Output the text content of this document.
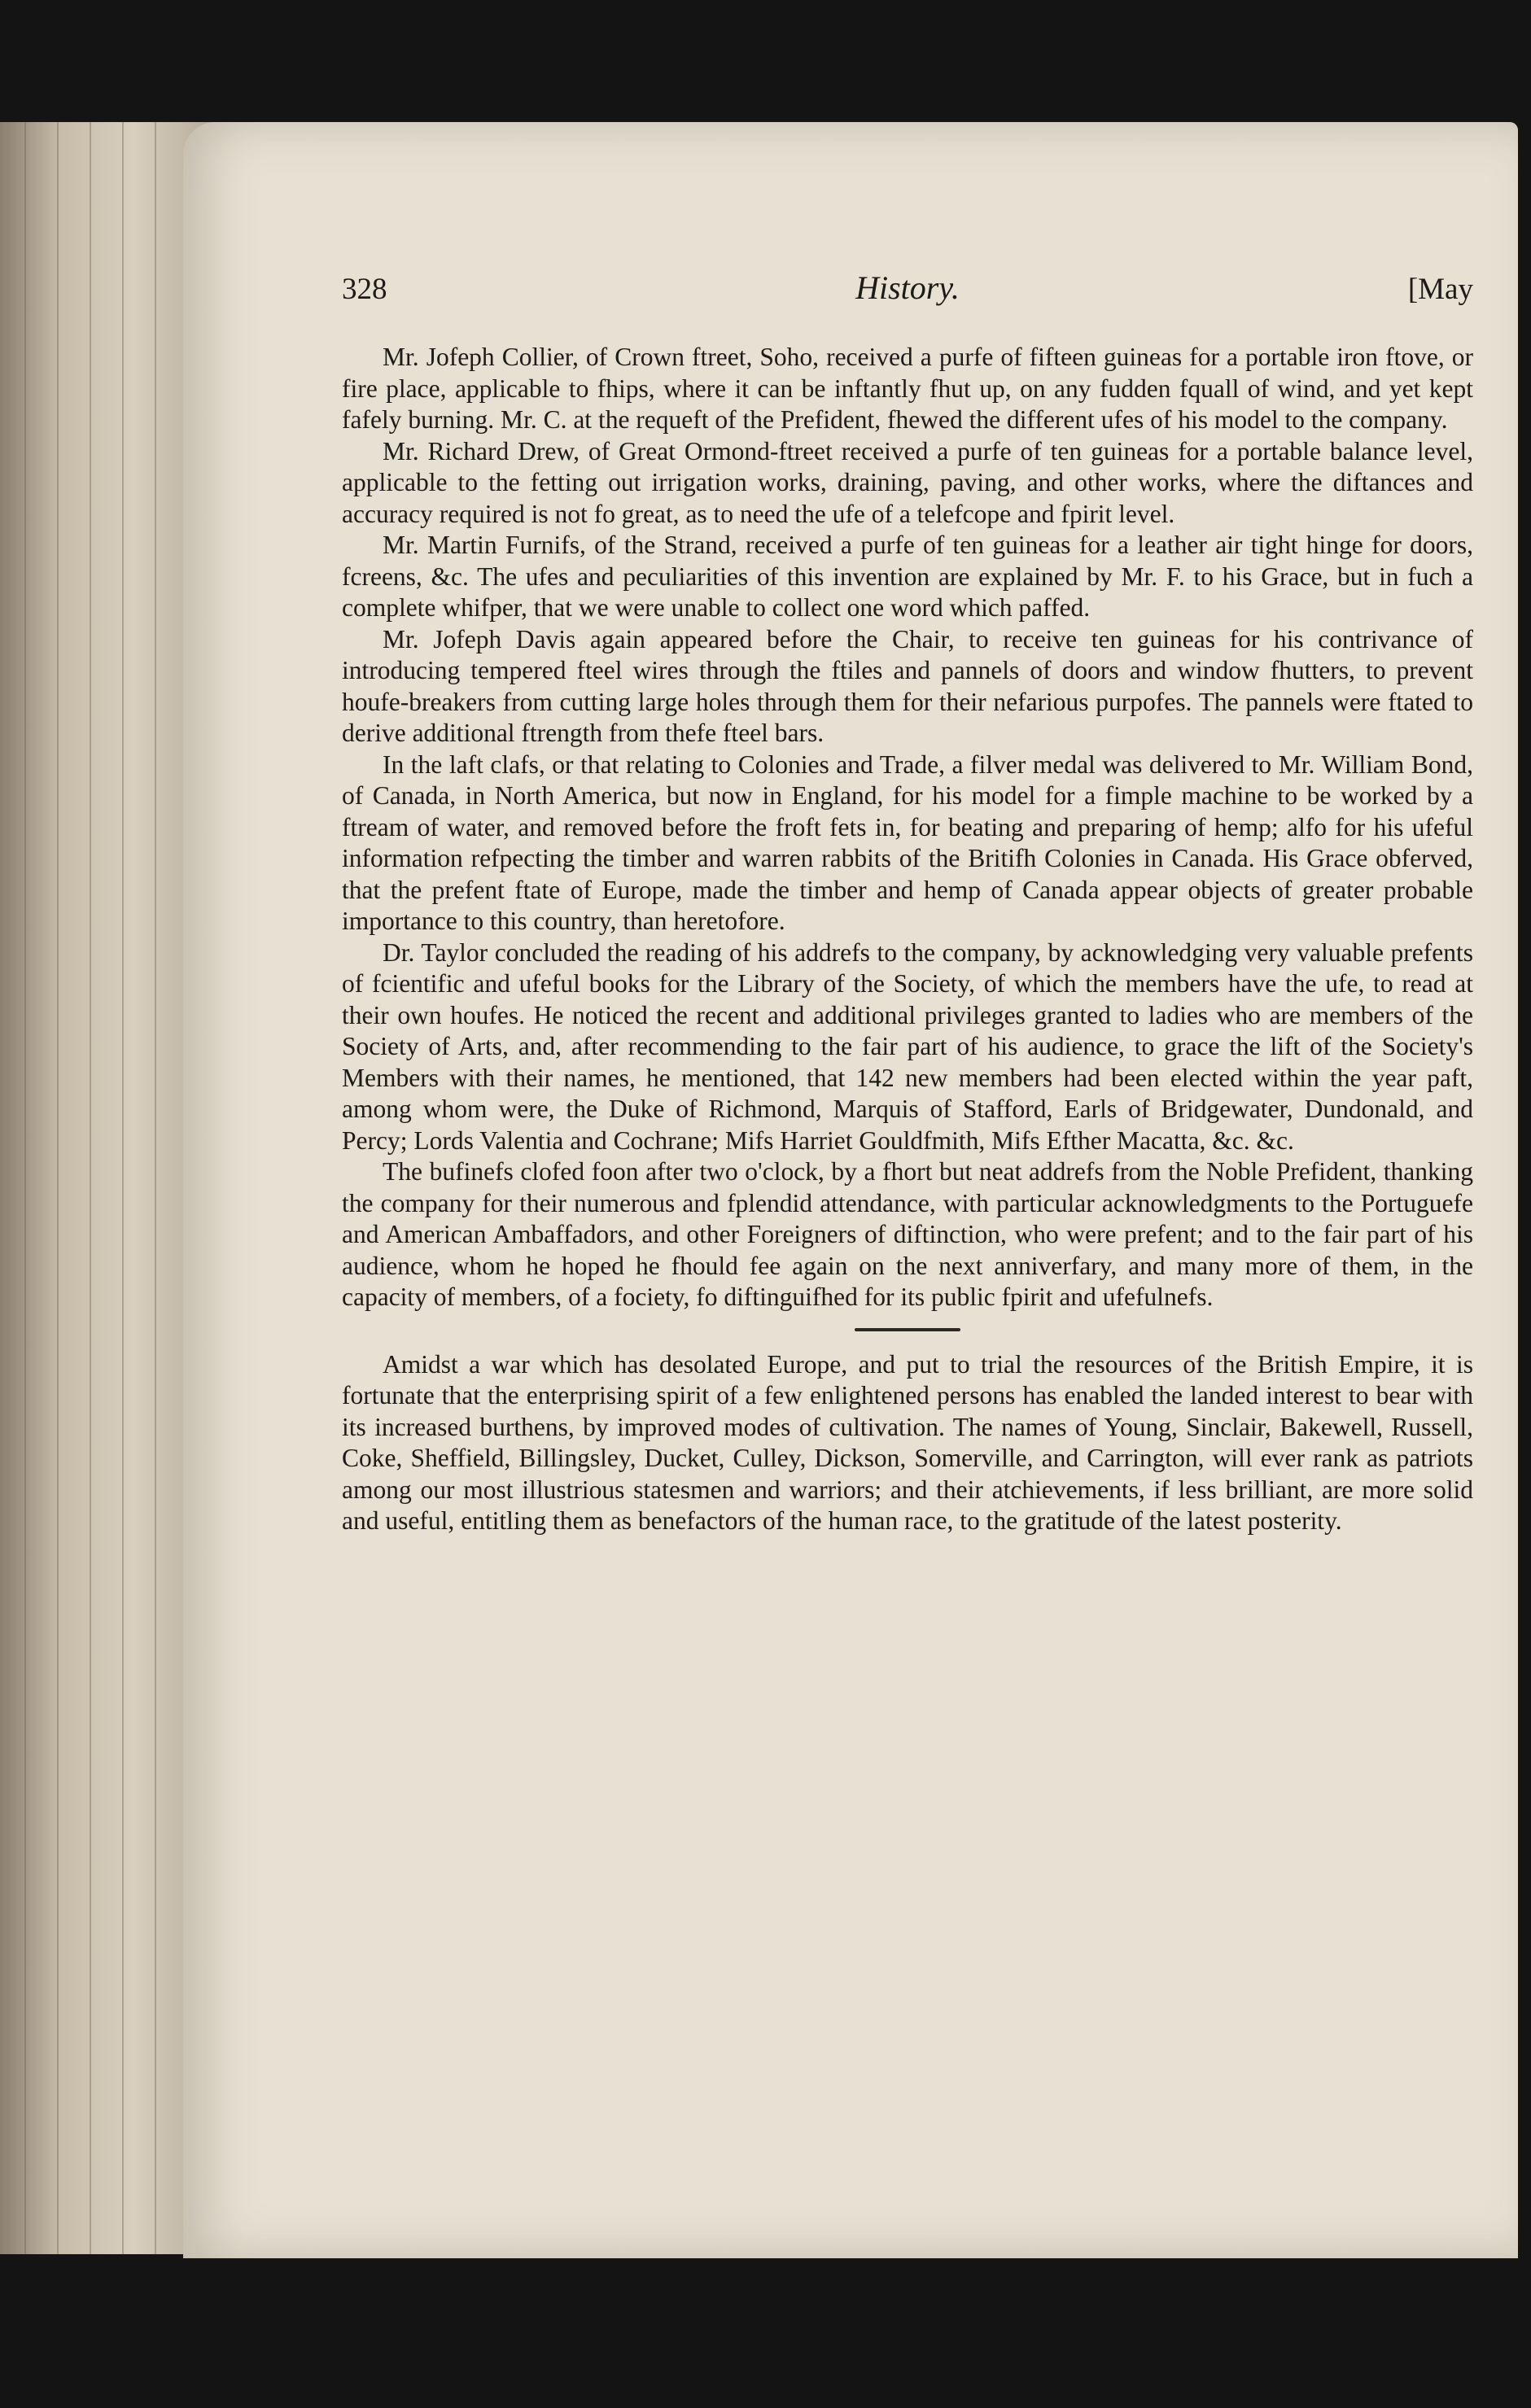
328	History.	[May

Mr. Jofeph Collier, of Crown ftreet, Soho, received a purfe of fifteen guineas for a portable iron ftove, or fire place, applicable to fhips, where it can be inftantly fhut up, on any fudden fquall of wind, and yet kept fafely burning. Mr. C. at the requeft of the Prefident, fhewed the different ufes of his model to the company.

Mr. Richard Drew, of Great Ormond-ftreet received a purfe of ten guineas for a portable balance level, applicable to the fetting out irrigation works, draining, paving, and other works, where the diftances and accuracy required is not fo great, as to need the ufe of a telefcope and fpirit level.

Mr. Martin Furnifs, of the Strand, received a purfe of ten guineas for a leather air tight hinge for doors, fcreens, &c. The ufes and peculiarities of this invention are explained by Mr. F. to his Grace, but in fuch a complete whifper, that we were unable to collect one word which paffed.

Mr. Jofeph Davis again appeared before the Chair, to receive ten guineas for his contrivance of introducing tempered fteel wires through the ftiles and pannels of doors and window fhutters, to prevent houfe-breakers from cutting large holes through them for their nefarious purpofes. The pannels were ftated to derive additional ftrength from thefe fteel bars.

In the laft clafs, or that relating to Colonies and Trade, a filver medal was delivered to Mr. William Bond, of Canada, in North America, but now in England, for his model for a fimple machine to be worked by a ftream of water, and removed before the froft fets in, for beating and preparing of hemp; alfo for his ufeful information refpecting the timber and warren rabbits of the Britifh Colonies in Canada. His Grace obferved, that the prefent ftate of Europe, made the timber and hemp of Canada appear objects of greater probable importance to this country, than heretofore.

Dr. Taylor concluded the reading of his addrefs to the company, by acknowledging very valuable prefents of fcientific and ufeful books for the Library of the Society, of which the members have the ufe, to read at their own houfes. He noticed the recent and additional privileges granted to ladies who are members of the Society of Arts, and, after recommending to the fair part of his audience, to grace the lift of the Society's Members with their names, he mentioned, that 142 new members had been elected within the year paft, among whom were, the Duke of Richmond, Marquis of Stafford, Earls of Bridgewater, Dundonald, and Percy; Lords Valentia and Cochrane; Mifs Harriet Gouldfmith, Mifs Efther Macatta, &c. &c.

The bufinefs clofed foon after two o'clock, by a fhort but neat addrefs from the Noble Prefident, thanking the company for their numerous and fplendid attendance, with particular acknowledgments to the Portuguefe and American Ambaffadors, and other Foreigners of diftinction, who were prefent; and to the fair part of his audience, whom he hoped he fhould fee again on the next anniverfary, and many more of them, in the capacity of members, of a fociety, fo diftinguifhed for its public fpirit and ufefulnefs.

Amidst a war which has desolated Europe, and put to trial the resources of the British Empire, it is fortunate that the enterprising spirit of a few enlightened persons has enabled the landed interest to bear with its increased burthens, by improved modes of cultivation. The names of Young, Sinclair, Bakewell, Russell, Coke, Sheffield, Billingsley, Ducket, Culley, Dickson, Somerville, and Carrington, will ever rank as patriots among our most illustrious statesmen and warriors; and their atchievements, if less brilliant, are more solid and useful, entitling them as benefactors of the human race, to the gratitude of the latest posterity.
